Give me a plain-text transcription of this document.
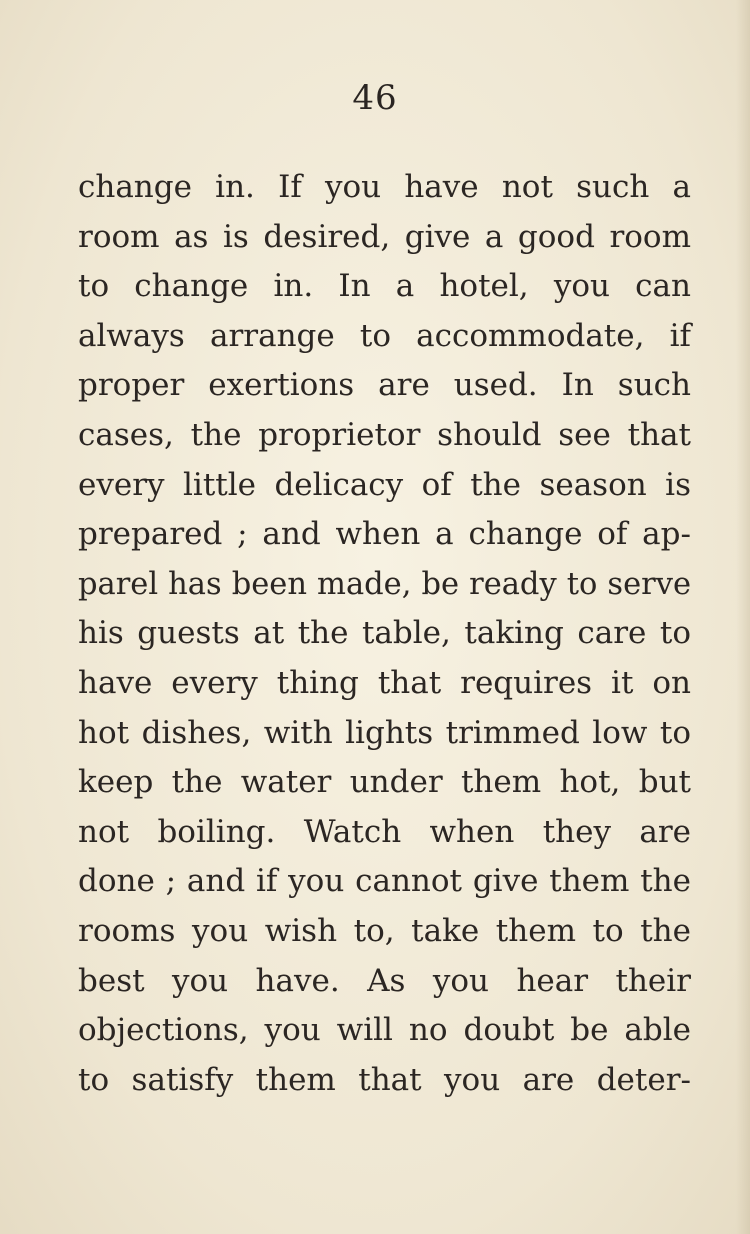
46
change in. If you have not such a
room as is desired, give a good room
to change in. In a hotel, you can
always arrange to accommodate, if
proper exertions are used. In such
cases, the proprietor should see that
every little delicacy of the season is
prepared ; and when a change of ap-
parel has been made, be ready to serve
his guests at the table, taking care to
have every thing that requires it on
hot dishes, with lights trimmed low to
keep the water under them hot, but
not boiling. Watch when they are
done ; and if you cannot give them the
rooms you wish to, take them to the
best you have. As you hear their
objections, you will no doubt be able
to satisfy them that you are deter-
